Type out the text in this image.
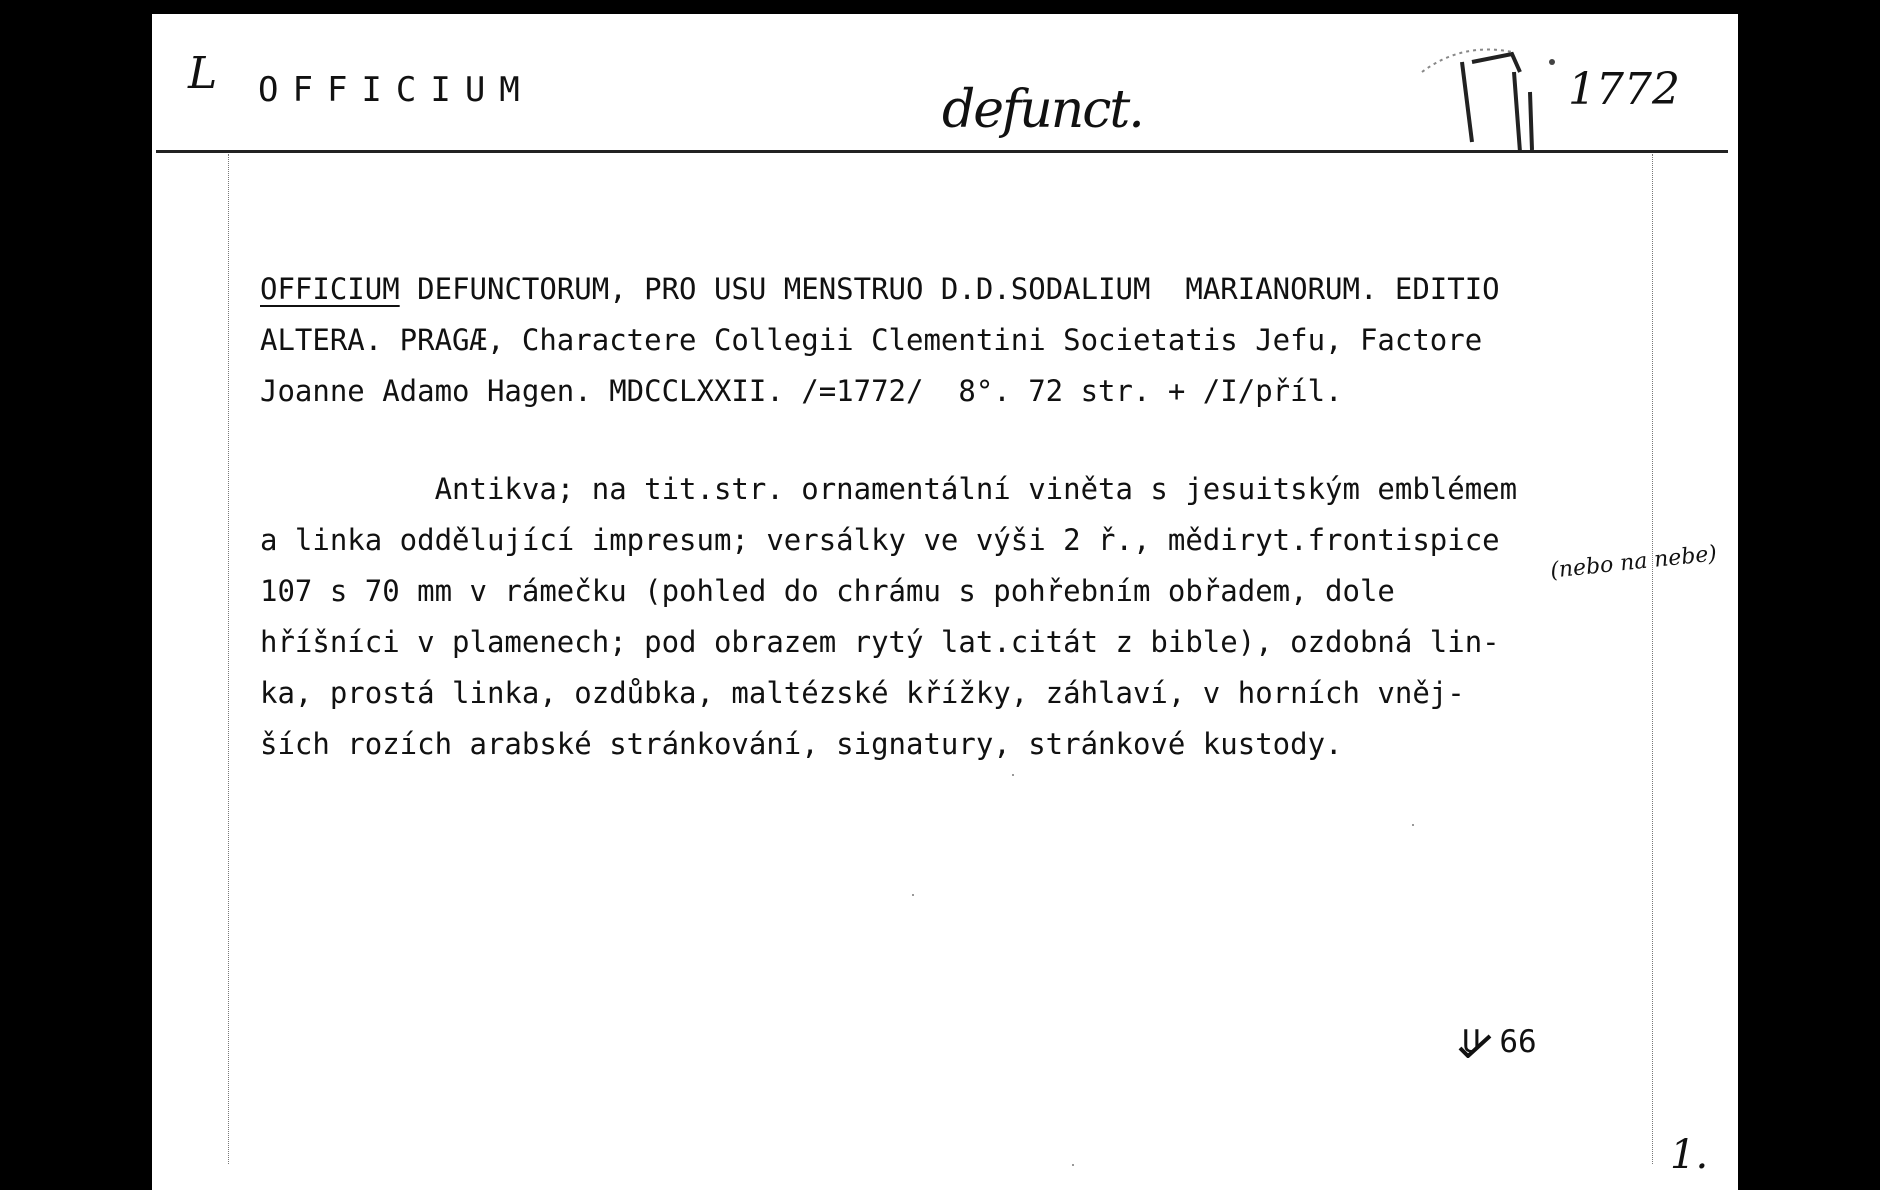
L OFFICIUM	defunct.	1772
OFFICIUM DEFUNCTORUM, PRO USU MENSTRUO D.D.SODALIUM  MARIANORUM. EDITIO
ALTERA. PRAGÆ, Charactere Collegii Clementini Societatis Jefu, Factore
Joanne Adamo Hagen. MDCCLXXII. /=1772/  8°. 72 str. + /I/příl.
Antikva; na tit.str. ornamentální viněta s jesuitským emblémem
a linka oddělující impresum; versálky ve výši 2 ř., mědiryt.frontispice
107 s 70 mm v rámečku (pohled do chrámu s pohřebním obřadem, dole
hříšníci v plamenech; pod obrazem rytý lat.citát z bible), ozdobná lin-
ka, prostá linka, ozdůbka, maltézské křížky, záhlaví, v horních vněj-
ších rozích arabské stránkování, signatury, stránkové kustody.
(nebo na nebe)
U 66
1.
